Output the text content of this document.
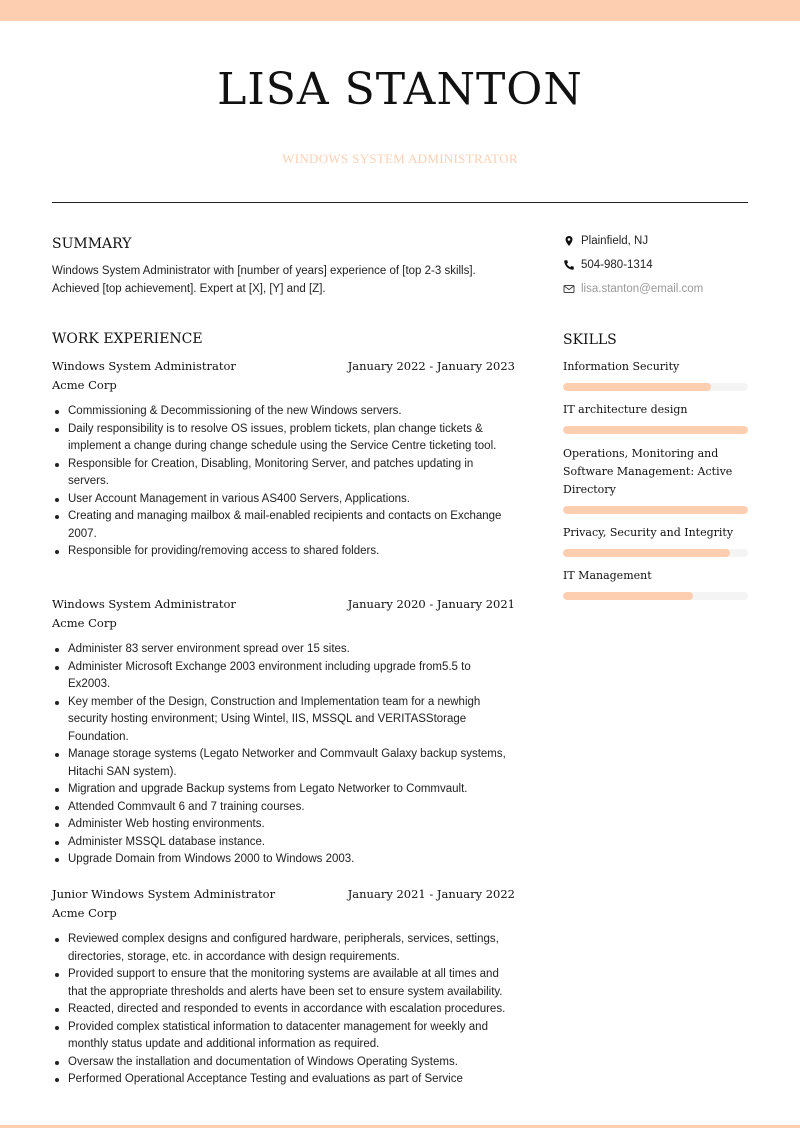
LISA STANTON
WINDOWS SYSTEM ADMINISTRATOR
SUMMARY
Windows System Administrator with [number of years] experience of [top 2-3 skills]. Achieved [top achievement]. Expert at [X], [Y] and [Z].
WORK EXPERIENCE
Windows System Administrator	January 2022 - January 2023
Acme Corp
Commissioning & Decommissioning of the new Windows servers.
Daily responsibility is to resolve OS issues, problem tickets, plan change tickets & implement a change during change schedule using the Service Centre ticketing tool.
Responsible for Creation, Disabling, Monitoring Server, and patches updating in servers.
User Account Management in various AS400 Servers, Applications.
Creating and managing mailbox & mail-enabled recipients and contacts on Exchange 2007.
Responsible for providing/removing access to shared folders.
Windows System Administrator	January 2020 - January 2021
Acme Corp
Administer 83 server environment spread over 15 sites.
Administer Microsoft Exchange 2003 environment including upgrade from5.5 to Ex2003.
Key member of the Design, Construction and Implementation team for a newhigh security hosting environment; Using Wintel, IIS, MSSQL and VERITASStorage Foundation.
Manage storage systems (Legato Networker and Commvault Galaxy backup systems, Hitachi SAN system).
Migration and upgrade Backup systems from Legato Networker to Commvault.
Attended Commvault 6 and 7 training courses.
Administer Web hosting environments.
Administer MSSQL database instance.
Upgrade Domain from Windows 2000 to Windows 2003.
Junior Windows System Administrator	January 2021 - January 2022
Acme Corp
Reviewed complex designs and configured hardware, peripherals, services, settings, directories, storage, etc. in accordance with design requirements.
Provided support to ensure that the monitoring systems are available at all times and that the appropriate thresholds and alerts have been set to ensure system availability.
Reacted, directed and responded to events in accordance with escalation procedures.
Provided complex statistical information to datacenter management for weekly and monthly status update and additional information as required.
Oversaw the installation and documentation of Windows Operating Systems.
Performed Operational Acceptance Testing and evaluations as part of Service
Plainfield, NJ
504-980-1314
lisa.stanton@email.com
SKILLS
Information Security
IT architecture design
Operations, Monitoring and Software Management: Active Directory
Privacy, Security and Integrity
IT Management
